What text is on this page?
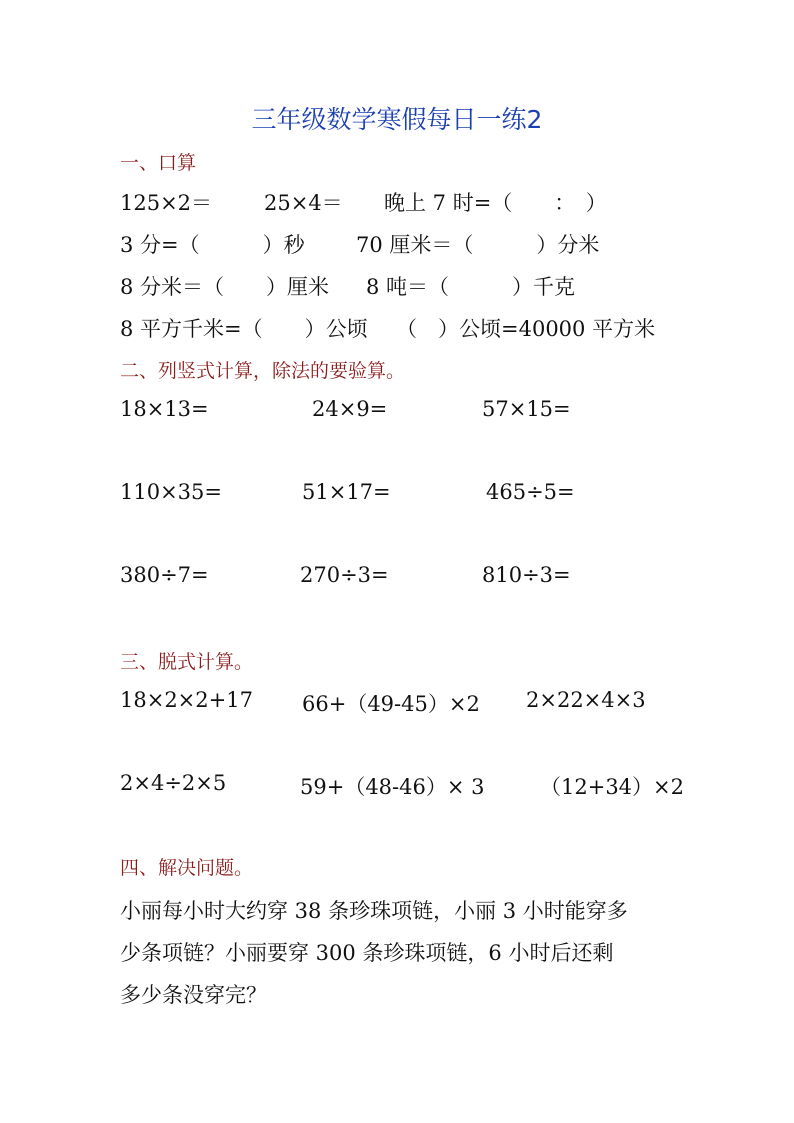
三年级数学寒假每日一练2
一、口算
125×2＝ 25×4＝ 晚上 7 时=（　　：　）
3 分=（　　　）秒 70 厘米＝（　　　）分米
8 分米＝（　　）厘米 8 吨＝（　　　）千克
8 平方千米=（　　）公顷 （　）公顷=40000 平方米
二、列竖式计算，除法的要验算。
18×13=	24×9=	57×15=
110×35=	51×17=	465÷5=
380÷7=	270÷3=	810÷3=
三、脱式计算。
18×2×2+17 66+（49-45）×2 2×22×4×3
2×4÷2×5	59+（48-46）× 3	（12+34）×2
四、解决问题。
小丽每小时大约穿 38 条珍珠项链，小丽 3 小时能穿多
少条项链？小丽要穿 300 条珍珠项链，6 小时后还剩
多少条没穿完？
